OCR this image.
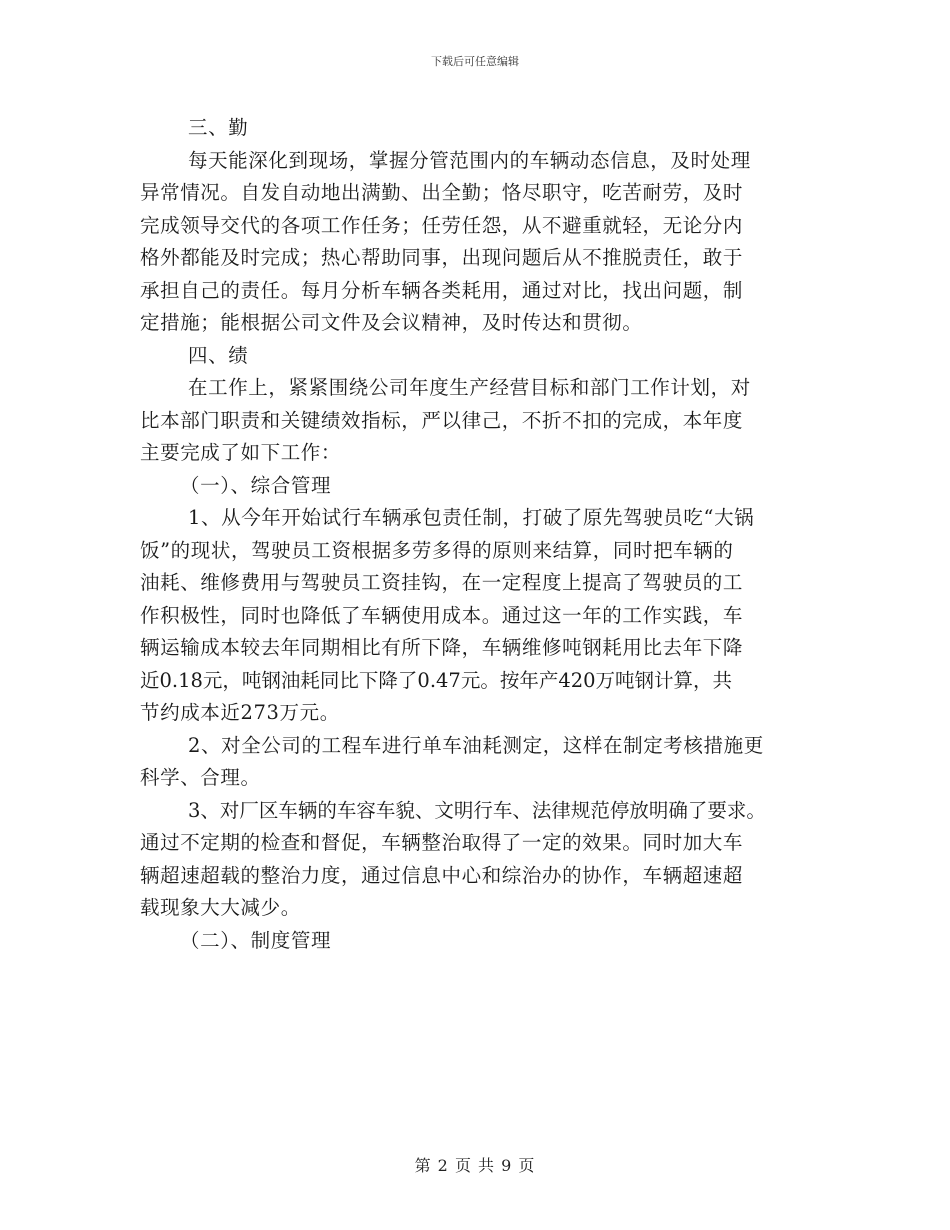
下载后可任意编辑
三、勤
每天能深化到现场，掌握分管范围内的车辆动态信息，及时处理
异常情况。自发自动地出满勤、出全勤；恪尽职守，吃苦耐劳，及时
完成领导交代的各项工作任务；任劳任怨，从不避重就轻，无论分内
格外都能及时完成；热心帮助同事，出现问题后从不推脱责任，敢于
承担自己的责任。每月分析车辆各类耗用，通过对比，找出问题，制
定措施；能根据公司文件及会议精神，及时传达和贯彻。
四、绩
在工作上，紧紧围绕公司年度生产经营目标和部门工作计划，对
比本部门职责和关键绩效指标，严以律己，不折不扣的完成，本年度
主要完成了如下工作：
（一）、综合管理
1、从今年开始试行车辆承包责任制，打破了原先驾驶员吃“大锅
饭”的现状，驾驶员工资根据多劳多得的原则来结算，同时把车辆的
油耗、维修费用与驾驶员工资挂钩，在一定程度上提高了驾驶员的工
作积极性，同时也降低了车辆使用成本。通过这一年的工作实践，车
辆运输成本较去年同期相比有所下降，车辆维修吨钢耗用比去年下降
近0.18元，吨钢油耗同比下降了0.47元。按年产420万吨钢计算，共
节约成本近273万元。
2、对全公司的工程车进行单车油耗测定，这样在制定考核措施更
科学、合理。
3、对厂区车辆的车容车貌、文明行车、法律规范停放明确了要求。
通过不定期的检查和督促，车辆整治取得了一定的效果。同时加大车
辆超速超载的整治力度，通过信息中心和综治办的协作，车辆超速超
载现象大大减少。
（二）、制度管理
第 2 页 共 9 页
